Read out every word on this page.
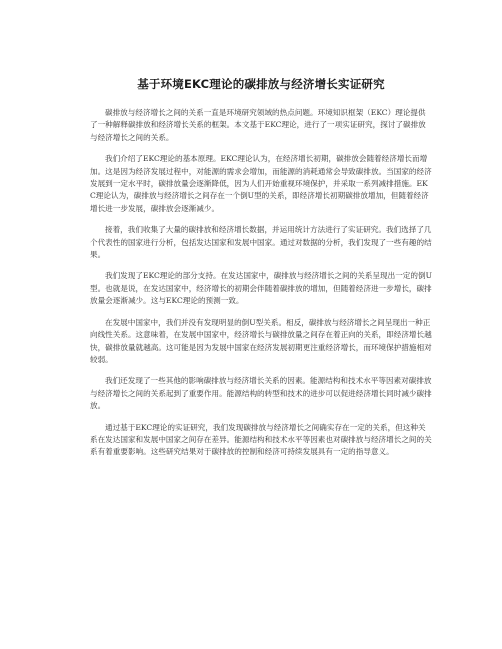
基于环境EKC理论的碳排放与经济增长实证研究

碳排放与经济增长之间的关系一直是环境研究领域的热点问题。环境知识框架（EKC）理论提供了一种解释碳排放和经济增长关系的框架。本文基于EKC理论，进行了一项实证研究，探讨了碳排放与经济增长之间的关系。

我们介绍了EKC理论的基本原理。EKC理论认为，在经济增长初期，碳排放会随着经济增长而增加。这是因为经济发展过程中，对能源的需求会增加，而能源的消耗通常会导致碳排放。当国家的经济发展到一定水平时，碳排放量会逐渐降低，因为人们开始重视环境保护，并采取一系列减排措施。EKC理论认为，碳排放与经济增长之间存在一个倒U型的关系，即经济增长初期碳排放增加，但随着经济增长进一步发展，碳排放会逐渐减少。

接着，我们收集了大量的碳排放和经济增长数据，并运用统计方法进行了实证研究。我们选择了几个代表性的国家进行分析，包括发达国家和发展中国家。通过对数据的分析，我们发现了一些有趣的结果。

我们发现了EKC理论的部分支持。在发达国家中，碳排放与经济增长之间的关系呈现出一定的倒U型。也就是说，在发达国家中，经济增长的初期会伴随着碳排放的增加，但随着经济进一步增长，碳排放量会逐渐减少。这与EKC理论的预测一致。

在发展中国家中，我们并没有发现明显的倒U型关系。相反，碳排放与经济增长之间呈现出一种正向线性关系。这意味着，在发展中国家中，经济增长与碳排放量之间存在着正向的关系，即经济增长越快，碳排放量就越高。这可能是因为发展中国家在经济发展初期更注重经济增长，而环境保护措施相对较弱。

我们还发现了一些其他的影响碳排放与经济增长关系的因素。能源结构和技术水平等因素对碳排放与经济增长之间的关系起到了重要作用。能源结构的转型和技术的进步可以促进经济增长同时减少碳排放。

通过基于EKC理论的实证研究，我们发现碳排放与经济增长之间确实存在一定的关系，但这种关系在发达国家和发展中国家之间存在差异。能源结构和技术水平等因素也对碳排放与经济增长之间的关系有着重要影响。这些研究结果对于碳排放的控制和经济可持续发展具有一定的指导意义。
